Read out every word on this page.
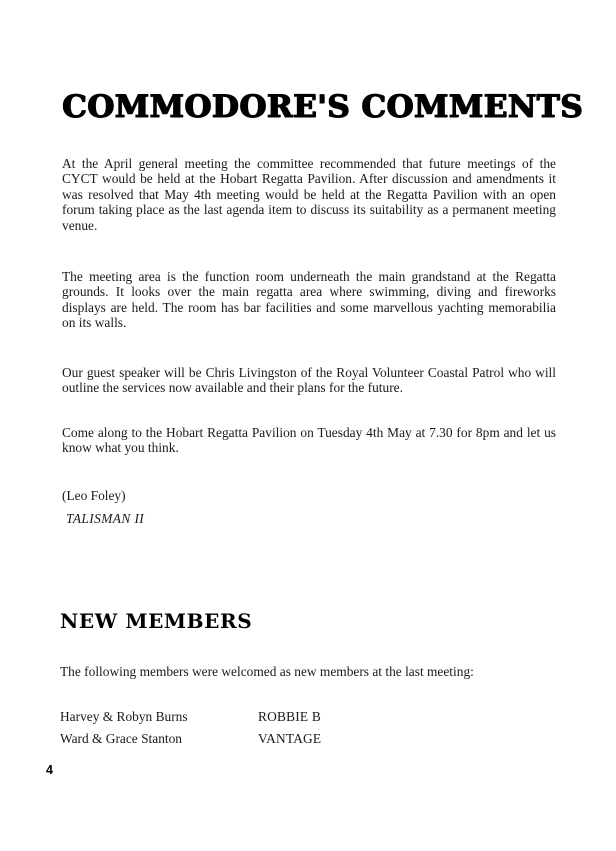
COMMODORE'S COMMENTS

At the April general meeting the committee recommended that future meetings of the CYCT would be held at the Hobart Regatta Pavilion. After discussion and amendments it was resolved that May 4th meeting would be held at the Regatta Pavilion with an open forum taking place as the last agenda item to discuss its suitability as a permanent meeting venue.

The meeting area is the function room underneath the main grandstand at the Regatta grounds. It looks over the main regatta area where swimming, diving and fireworks displays are held. The room has bar facilities and some marvellous yachting memorabilia on its walls.

Our guest speaker will be Chris Livingston of the Royal Volunteer Coastal Patrol who will outline the services now available and their plans for the future.

Come along to the Hobart Regatta Pavilion on Tuesday 4th May at 7.30 for 8pm and let us know what you think.

(Leo Foley)

TALISMAN II

NEW MEMBERS

The following members were welcomed as new members at the last meeting:

Harvey & Robyn Burns	ROBBIE B
Ward & Grace Stanton	VANTAGE

4
